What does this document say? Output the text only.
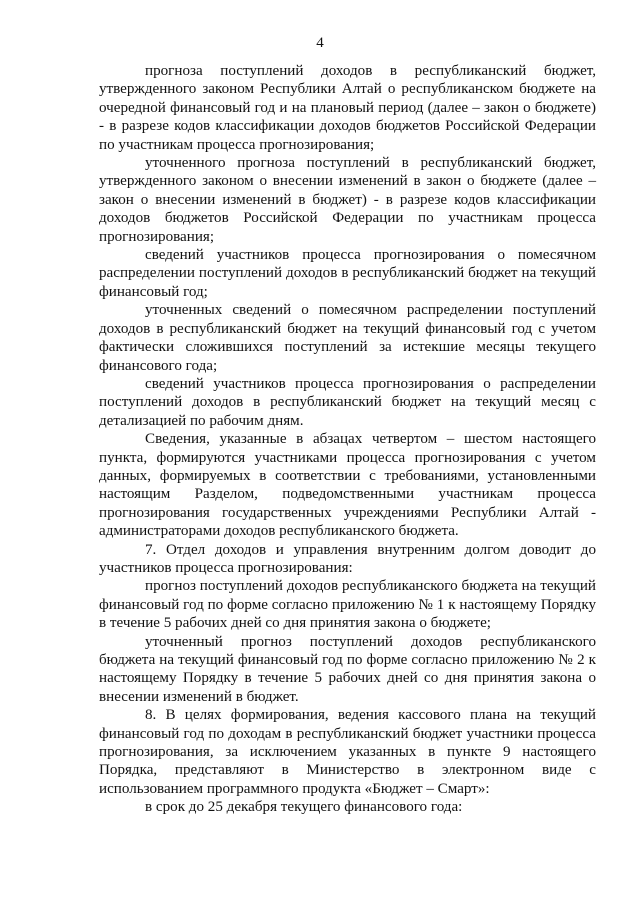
4

прогноза поступлений доходов в республиканский бюджет, утвержденного законом Республики Алтай о республиканском бюджете на очередной финансовый год и на плановый период (далее – закон о бюджете) - в разрезе кодов классификации доходов бюджетов Российской Федерации по участникам процесса прогнозирования;

уточненного прогноза поступлений в республиканский бюджет, утвержденного законом о внесении изменений в закон о бюджете (далее – закон о внесении изменений в бюджет) - в разрезе кодов классификации доходов бюджетов Российской Федерации по участникам процесса прогнозирования;

сведений участников процесса прогнозирования о помесячном распределении поступлений доходов в республиканский бюджет на текущий финансовый год;

уточненных сведений о помесячном распределении поступлений доходов в республиканский бюджет на текущий финансовый год с учетом фактически сложившихся поступлений за истекшие месяцы текущего финансового года;

сведений участников процесса прогнозирования о распределении поступлений доходов в республиканский бюджет на текущий месяц с детализацией по рабочим дням.

Сведения, указанные в абзацах четвертом – шестом настоящего пункта, формируются участниками процесса прогнозирования с учетом данных, формируемых в соответствии с требованиями, установленными настоящим Разделом, подведомственными участникам процесса прогнозирования государственных учреждениями Республики Алтай - администраторами доходов республиканского бюджета.

7. Отдел доходов и управления внутренним долгом доводит до участников процесса прогнозирования:

прогноз поступлений доходов республиканского бюджета на текущий финансовый год по форме согласно приложению № 1 к настоящему Порядку в течение 5 рабочих дней со дня принятия закона о бюджете;

уточненный прогноз поступлений доходов республиканского бюджета на текущий финансовый год по форме согласно приложению № 2 к настоящему Порядку в течение 5 рабочих дней со дня принятия закона о внесении изменений в бюджет.

8. В целях формирования, ведения кассового плана на текущий финансовый год по доходам в республиканский бюджет участники процесса прогнозирования, за исключением указанных в пункте 9 настоящего Порядка, представляют в Министерство в электронном виде с использованием программного продукта «Бюджет – Смарт»:

в срок до 25 декабря текущего финансового года:
